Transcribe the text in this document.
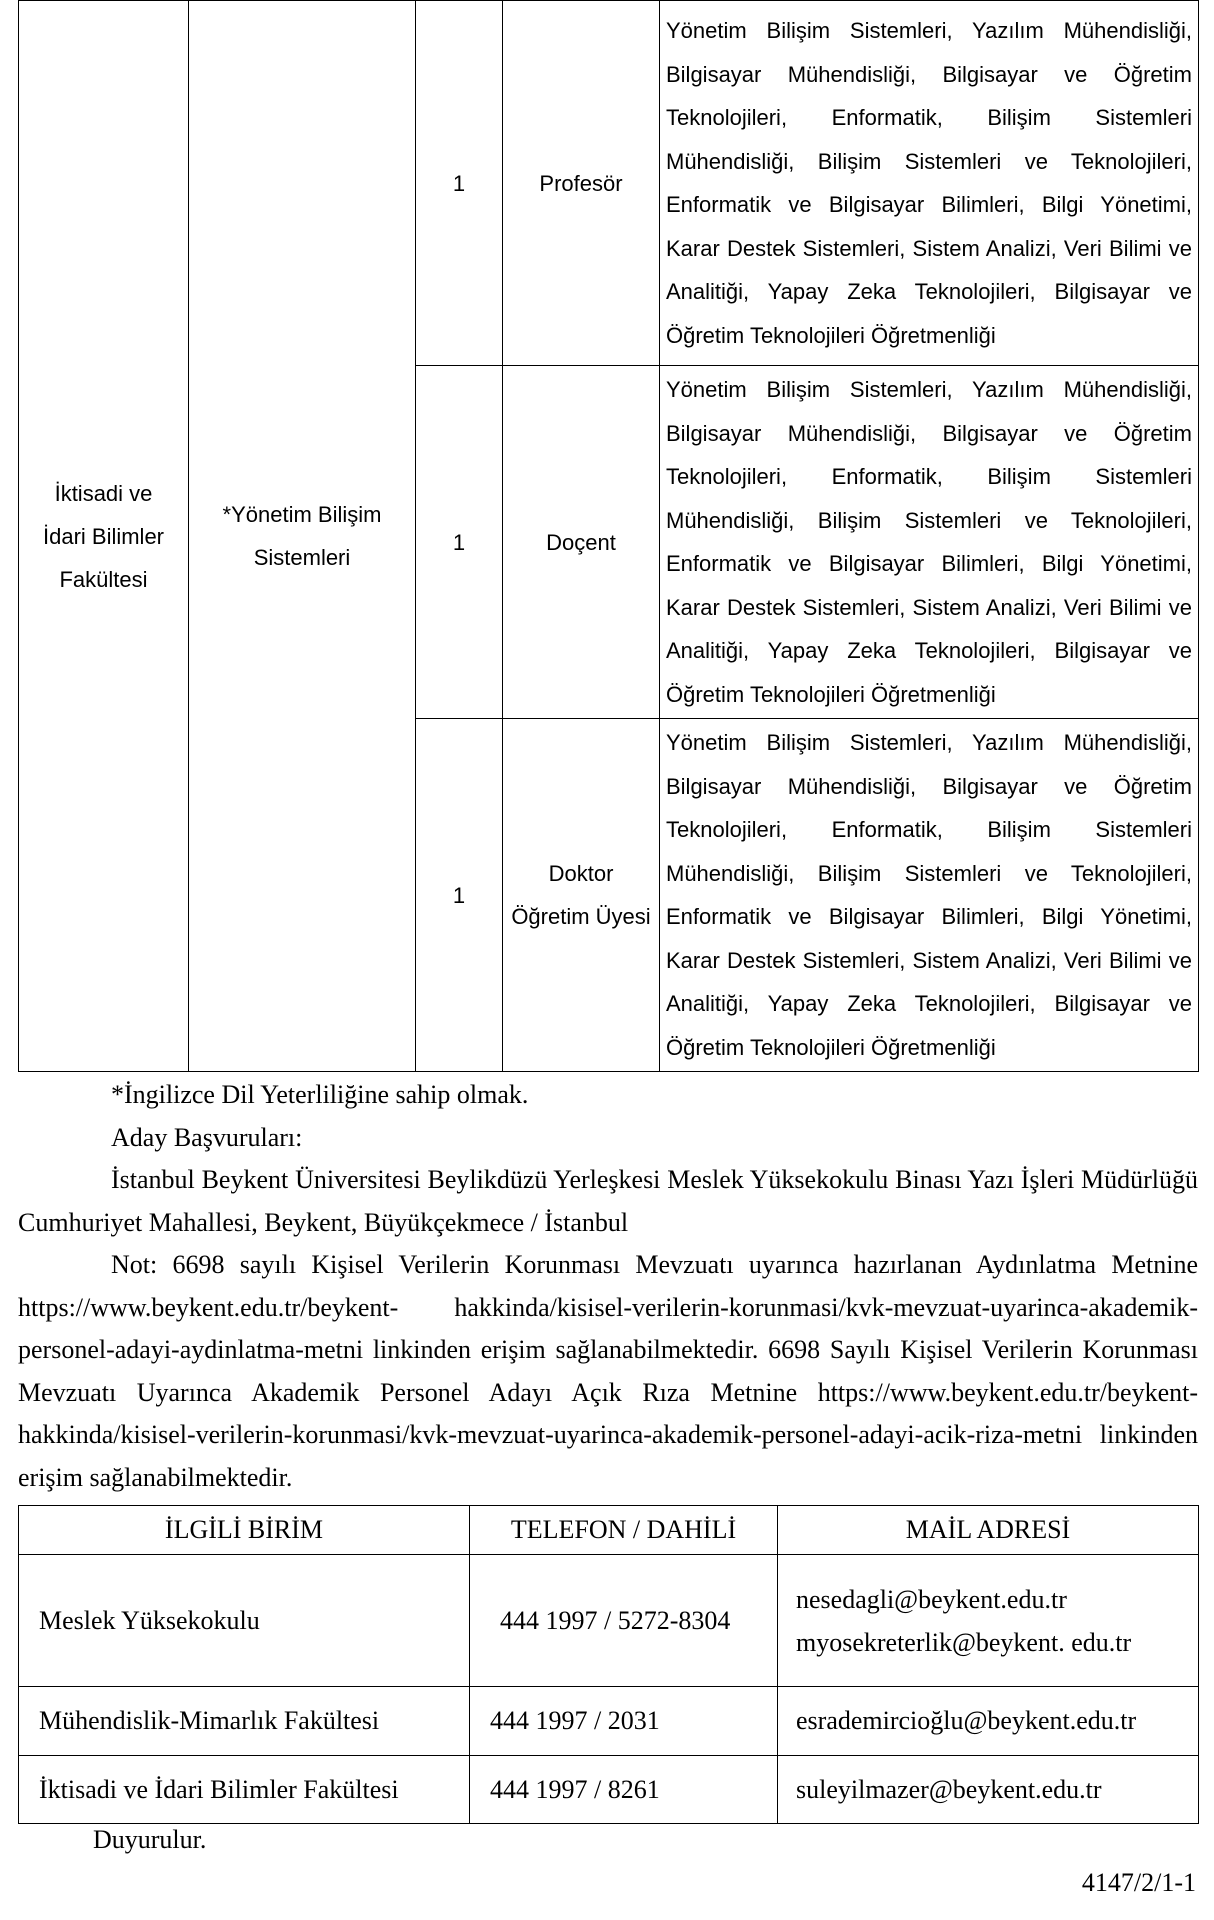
İktisadi ve İdari Bilimler Fakültesi	*Yönetim Bilişim Sistemleri	1	Profesör	Yönetim Bilişim Sistemleri, Yazılım Mühendisliği, Bilgisayar Mühendisliği, Bilgisayar ve Öğretim Teknolojileri, Enformatik, Bilişim Sistemleri Mühendisliği, Bilişim Sistemleri ve Teknolojileri, Enformatik ve Bilgisayar Bilimleri, Bilgi Yönetimi, Karar Destek Sistemleri, Sistem Analizi, Veri Bilimi ve Analitiği, Yapay Zeka Teknolojileri, Bilgisayar ve Öğretim Teknolojileri Öğretmenliği
		1	Doçent	Yönetim Bilişim Sistemleri, Yazılım Mühendisliği, Bilgisayar Mühendisliği, Bilgisayar ve Öğretim Teknolojileri, Enformatik, Bilişim Sistemleri Mühendisliği, Bilişim Sistemleri ve Teknolojileri, Enformatik ve Bilgisayar Bilimleri, Bilgi Yönetimi, Karar Destek Sistemleri, Sistem Analizi, Veri Bilimi ve Analitiği, Yapay Zeka Teknolojileri, Bilgisayar ve Öğretim Teknolojileri Öğretmenliği
		1	Doktor Öğretim Üyesi	Yönetim Bilişim Sistemleri, Yazılım Mühendisliği, Bilgisayar Mühendisliği, Bilgisayar ve Öğretim Teknolojileri, Enformatik, Bilişim Sistemleri Mühendisliği, Bilişim Sistemleri ve Teknolojileri, Enformatik ve Bilgisayar Bilimleri, Bilgi Yönetimi, Karar Destek Sistemleri, Sistem Analizi, Veri Bilimi ve Analitiği, Yapay Zeka Teknolojileri, Bilgisayar ve Öğretim Teknolojileri Öğretmenliği

*İngilizce Dil Yeterliliğine sahip olmak.

Aday Başvuruları:

İstanbul Beykent Üniversitesi Beylikdüzü Yerleşkesi Meslek Yüksekokulu Binası Yazı İşleri Müdürlüğü Cumhuriyet Mahallesi, Beykent, Büyükçekmece / İstanbul

Not: 6698 sayılı Kişisel Verilerin Korunması Mevzuatı uyarınca hazırlanan Aydınlatma Metnine https://www.beykent.edu.tr/beykent- hakkinda/kisisel-verilerin-korunmasi/kvk-mevzuat-uyarinca-akademik-personel-adayi-aydinlatma-metni linkinden erişim sağlanabilmektedir. 6698 Sayılı Kişisel Verilerin Korunması Mevzuatı Uyarınca Akademik Personel Adayı Açık Rıza Metnine https://www.beykent.edu.tr/beykent-hakkinda/kisisel-verilerin-korunmasi/kvk-mevzuat-uyarinca-akademik-personel-adayi-acik-riza-metni linkinden erişim sağlanabilmektedir.

İLGİLİ BİRİM	TELEFON / DAHİLİ	MAİL ADRESİ
Meslek Yüksekokulu	444 1997 / 5272-8304	nesedagli@beykent.edu.tr
myosekreterlik@beykent. edu.tr

Mühendislik-Mimarlık Fakültesi	444 1997 / 2031	esrademircioğlu@beykent.edu.tr
İktisadi ve İdari Bilimler Fakültesi	444 1997 / 8261	suleyilmazer@beykent.edu.tr
Duyurulur.
4147/2/1-1
